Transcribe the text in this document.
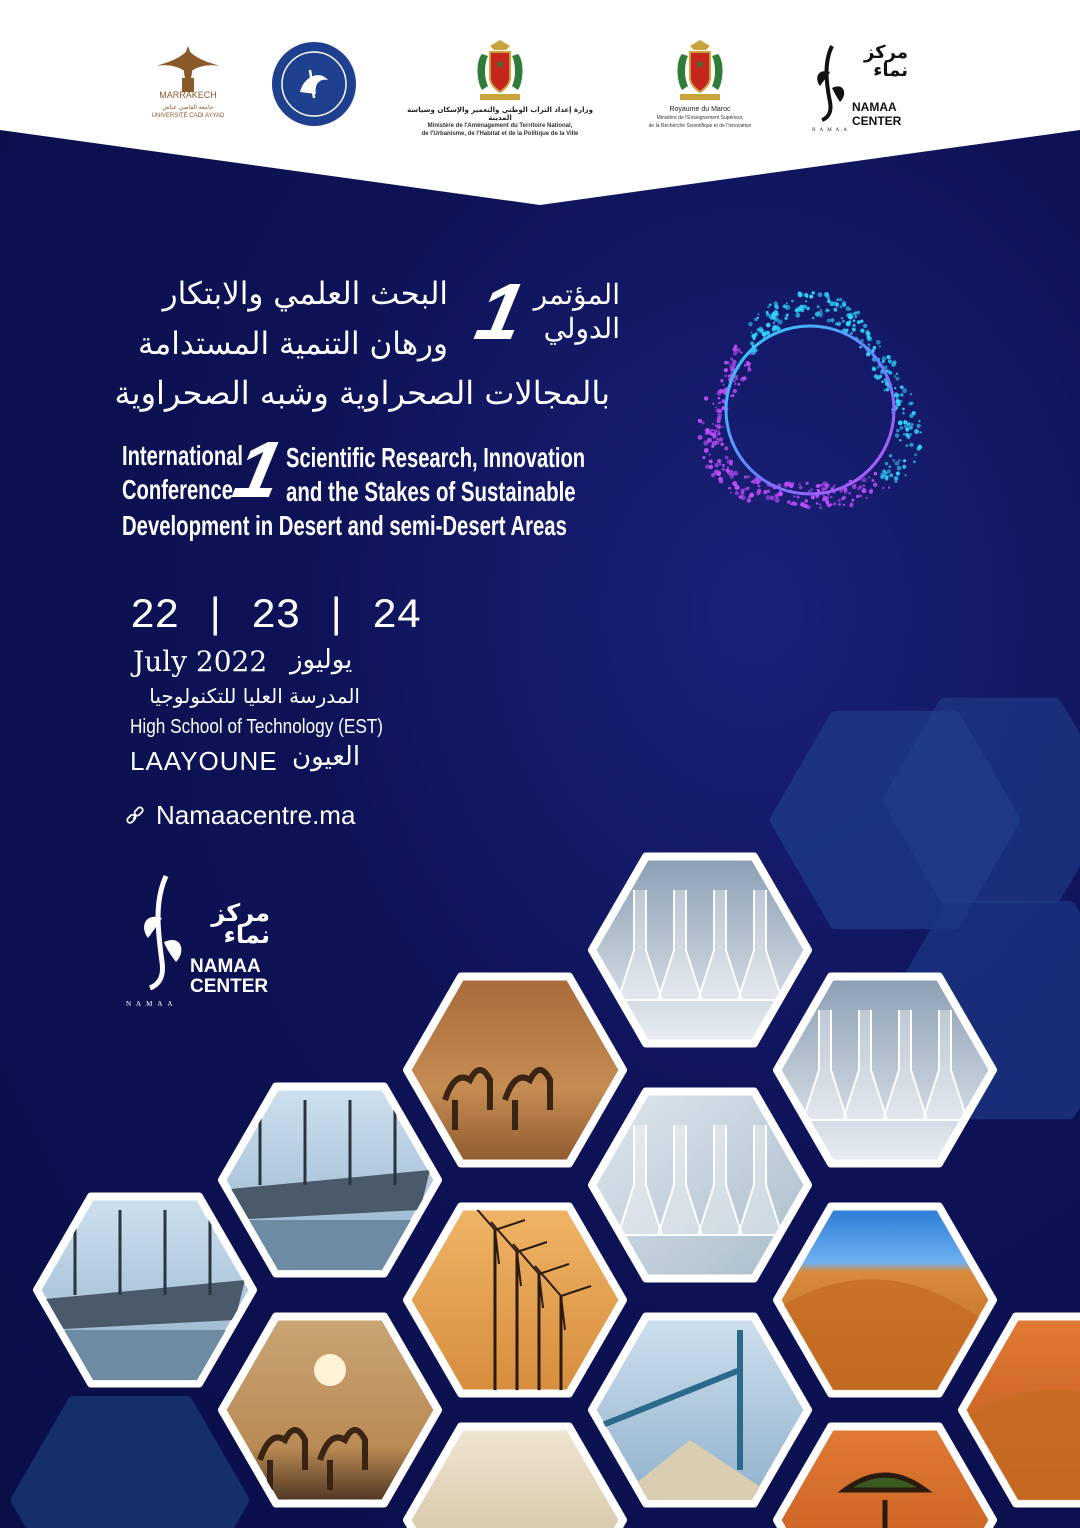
MARRAKECH
جامعة القاضي عياض
UNIVERSITÉ CADI AYYAD
وزارة إعداد التراب الوطني والتعمير والإسكان وسياسة المدينة
Ministère de l'Aménagement du Territoire National,
de l'Urbanisme, de l'Habitat et de la Politique de la Ville
Royaume du Maroc
Ministère de l'Enseignement Supérieur,
de la Recherche Scientifique et de l'Innovation
مركز نماء
NAMAA
CENTER
NAMAA
1 المؤتمر
الدولي
البحث العلمي والابتكار
ورهان التنمية المستدامة
بالمجالات الصحراوية وشبه الصحراوية
International
Conference
1
Scientific Research, Innovation
and the Stakes of Sustainable
Development in Desert and semi-Desert Areas
22 | 23 | 24
July 2022 يوليوز
المدرسة العليا للتكنولوجيا
High School of Technology (EST)
LAAYOUNE العيون
Namaacentre.ma
مركز نماء
NAMAA
CENTER
NAMAA
